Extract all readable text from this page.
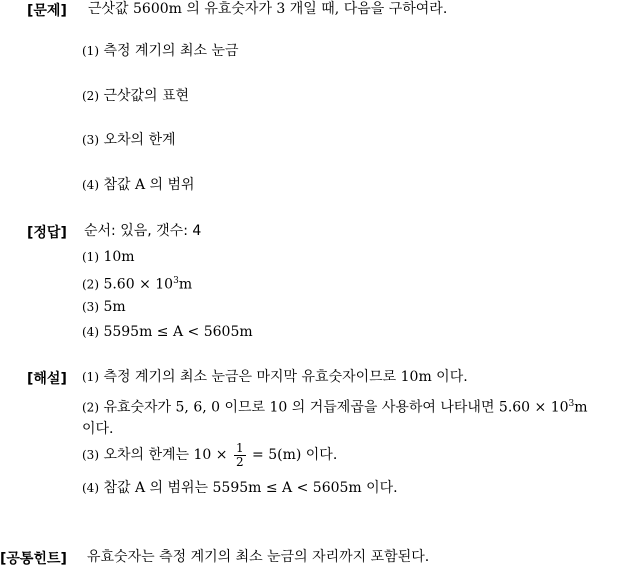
[문제] 근삿값 5600m 의 유효숫자가 3 개일 때, 다음을 구하여라.
(1) 측정 계기의 최소 눈금
(2) 근삿값의 표현
(3) 오차의 한계
(4) 참값 A 의 범위
[정답] 순서: 있음, 갯수: 4
(1) 10m
(2) $5.60 \times 10^3m$
(3) 5m
(4) 5595m ≤ A < 5605m
[해설] (1) 측정 계기의 최소 눈금은 마지막 유효숫자이므로 10m 이다.
(2) 유효숫자가 5, 6, 0 이므로 10 의 거듭제곱을 사용하여 나타내면 $5.60 \times 10^3m$
이다.
(3) 오차의 한계는 $10 \times \frac{1}{2} = 5(m)$ 이다.
(4) 참값 A 의 범위는 5595m ≤ A < 5605m 이다.
[공통힌트] 유효숫자는 측정 계기의 최소 눈금의 자리까지 포함된다.
